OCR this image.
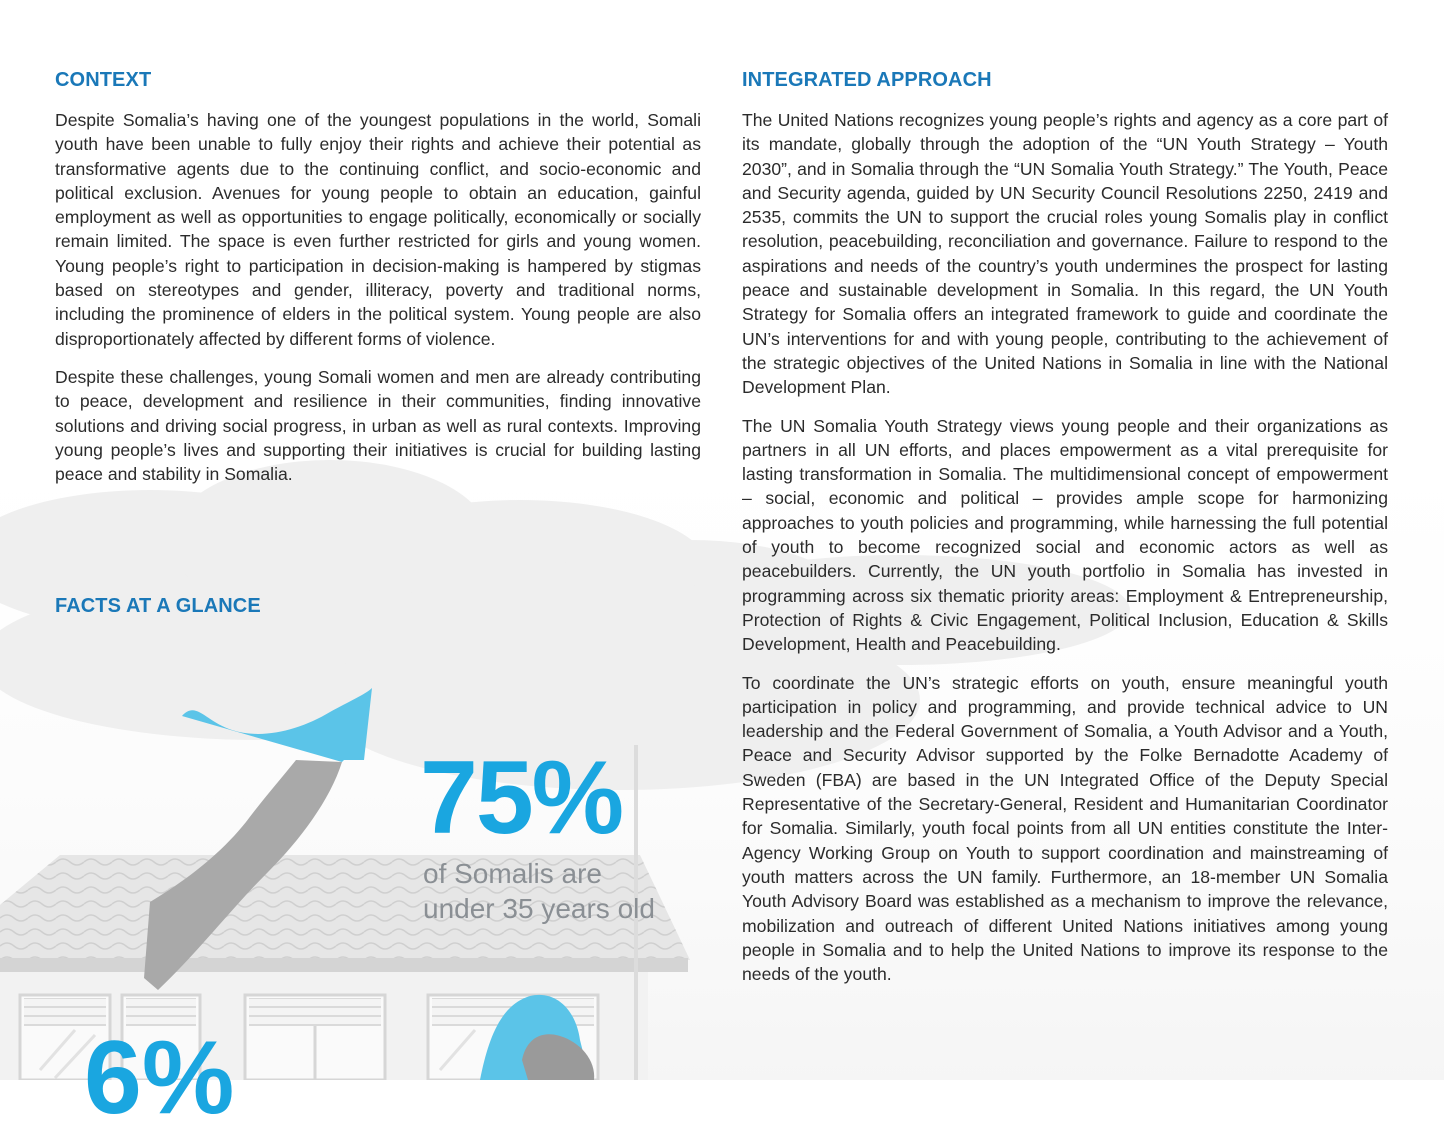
CONTEXT

Despite Somalia’s having one of the youngest populations in the world, Somali youth have been unable to fully enjoy their rights and achieve their potential as transformative agents due to the continuing conflict, and socio-economic and political exclusion. Avenues for young people to obtain an education, gainful employment as well as opportunities to engage politically, economically or socially remain limited. The space is even further restricted for girls and young women. Young people’s right to participation in decision-making is hampered by stigmas based on stereotypes and gender, illiteracy, poverty and traditional norms, including the prominence of elders in the political system. Young people are also disproportionately affected by different forms of violence.

Despite these challenges, young Somali women and men are already contributing to peace, development and resilience in their communities, finding innovative solutions and driving social progress, in urban as well as rural contexts. Improving young people’s lives and supporting their initiatives is crucial for building lasting peace and stability in Somalia.

FACTS AT A GLANCE
75%
of Somalis are
under 35 years old
6%
INTEGRATED APPROACH

The United Nations recognizes young people’s rights and agency as a core part of its mandate, globally through the adoption of the “UN Youth Strategy – Youth 2030”, and in Somalia through the “UN Somalia Youth Strategy.” The Youth, Peace and Security agenda, guided by UN Security Council Resolutions 2250, 2419 and 2535, commits the UN to support the crucial roles young Somalis play in conflict resolution, peacebuilding, reconciliation and governance. Failure to respond to the aspirations and needs of the country’s youth undermines the prospect for lasting peace and sustainable development in Somalia. In this regard, the UN Youth Strategy for Somalia offers an integrated framework to guide and coordinate the UN’s interventions for and with young people, contributing to the achievement of the strategic objectives of the United Nations in Somalia in line with the National Development Plan.

The UN Somalia Youth Strategy views young people and their organizations as partners in all UN efforts, and places empowerment as a vital prerequisite for lasting transformation in Somalia. The multidimensional concept of empowerment – social, economic and political – provides ample scope for harmonizing approaches to youth policies and programming, while harnessing the full potential of youth to become recognized social and economic actors as well as peacebuilders. Currently, the UN youth portfolio in Somalia has invested in programming across six thematic priority areas: Employment & Entrepreneurship, Protection of Rights & Civic Engagement, Political Inclusion, Education & Skills Development, Health and Peacebuilding.

To coordinate the UN’s strategic efforts on youth, ensure meaningful youth participation in policy and programming, and provide technical advice to UN leadership and the Federal Government of Somalia, a Youth Advisor and a Youth, Peace and Security Advisor supported by the Folke Bernadotte Academy of Sweden (FBA) are based in the UN Integrated Office of the Deputy Special Representative of the Secretary-General, Resident and Humanitarian Coordinator for Somalia. Similarly, youth focal points from all UN entities constitute the Inter-Agency Working Group on Youth to support coordination and mainstreaming of youth matters across the UN family. Furthermore, an 18-member UN Somalia Youth Advisory Board was established as a mechanism to improve the relevance, mobilization and outreach of different United Nations initiatives among young people in Somalia and to help the United Nations to improve its response to the needs of the youth.
